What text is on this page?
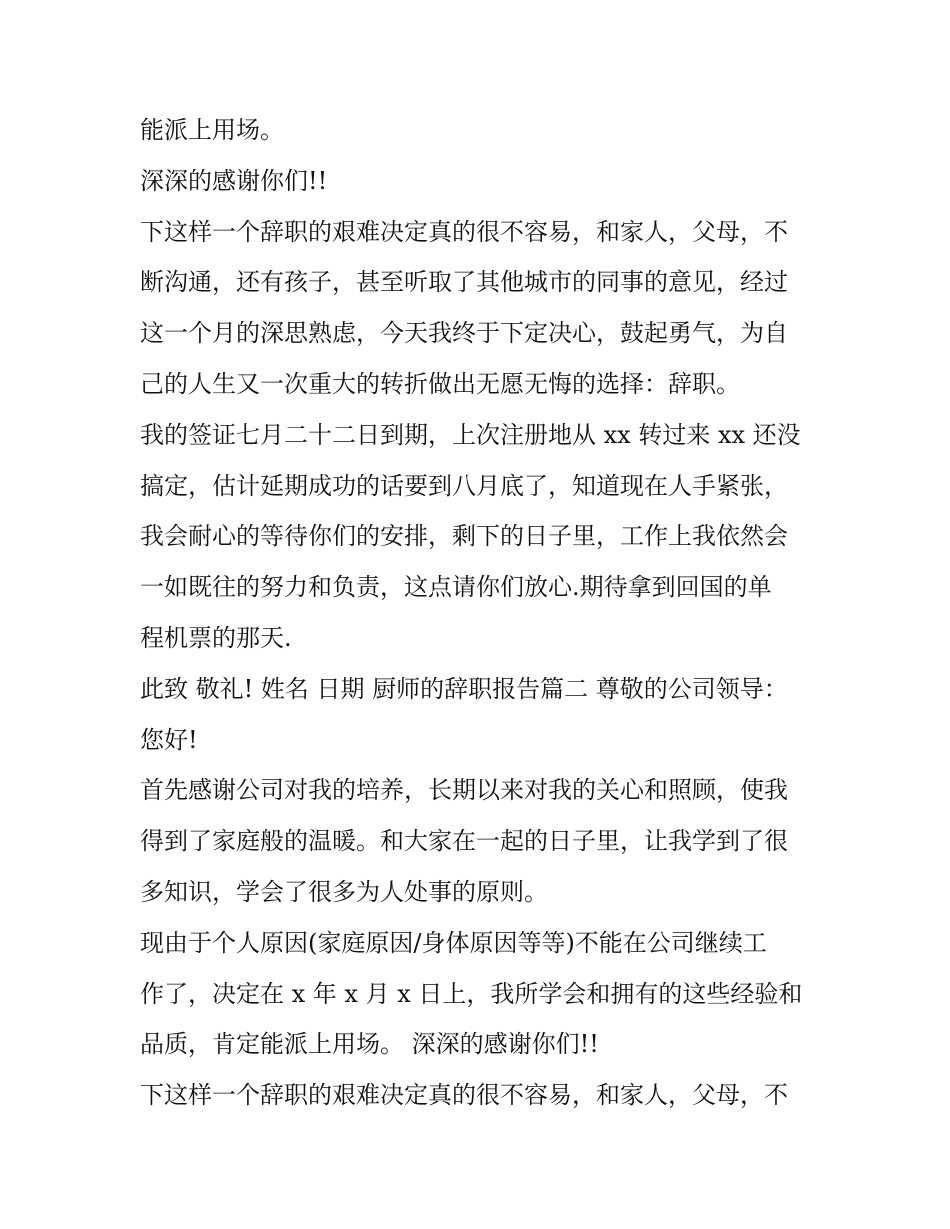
能派上用场。

深深的感谢你们!!

下这样一个辞职的艰难决定真的很不容易，和家人，父母，不

断沟通，还有孩子，甚至听取了其他城市的同事的意见，经过

这一个月的深思熟虑，今天我终于下定决心，鼓起勇气，为自

己的人生又一次重大的转折做出无愿无悔的选择：辞职。

我的签证七月二十二日到期，上次注册地从 xx 转过来 xx 还没

搞定，估计延期成功的话要到八月底了，知道现在人手紧张，

我会耐心的等待你们的安排，剩下的日子里，工作上我依然会

一如既往的努力和负责，这点请你们放心.期待拿到回国的单

程机票的那天.

此致 敬礼! 姓名 日期 厨师的辞职报告篇二 尊敬的公司领导：

您好!

首先感谢公司对我的培养，长期以来对我的关心和照顾，使我

得到了家庭般的温暖。和大家在一起的日子里，让我学到了很

多知识，学会了很多为人处事的原则。

现由于个人原因(家庭原因/身体原因等等)不能在公司继续工

作了，决定在 x 年 x 月 x 日上，我所学会和拥有的这些经验和

品质，肯定能派上用场。 深深的感谢你们!!

下这样一个辞职的艰难决定真的很不容易，和家人，父母，不
